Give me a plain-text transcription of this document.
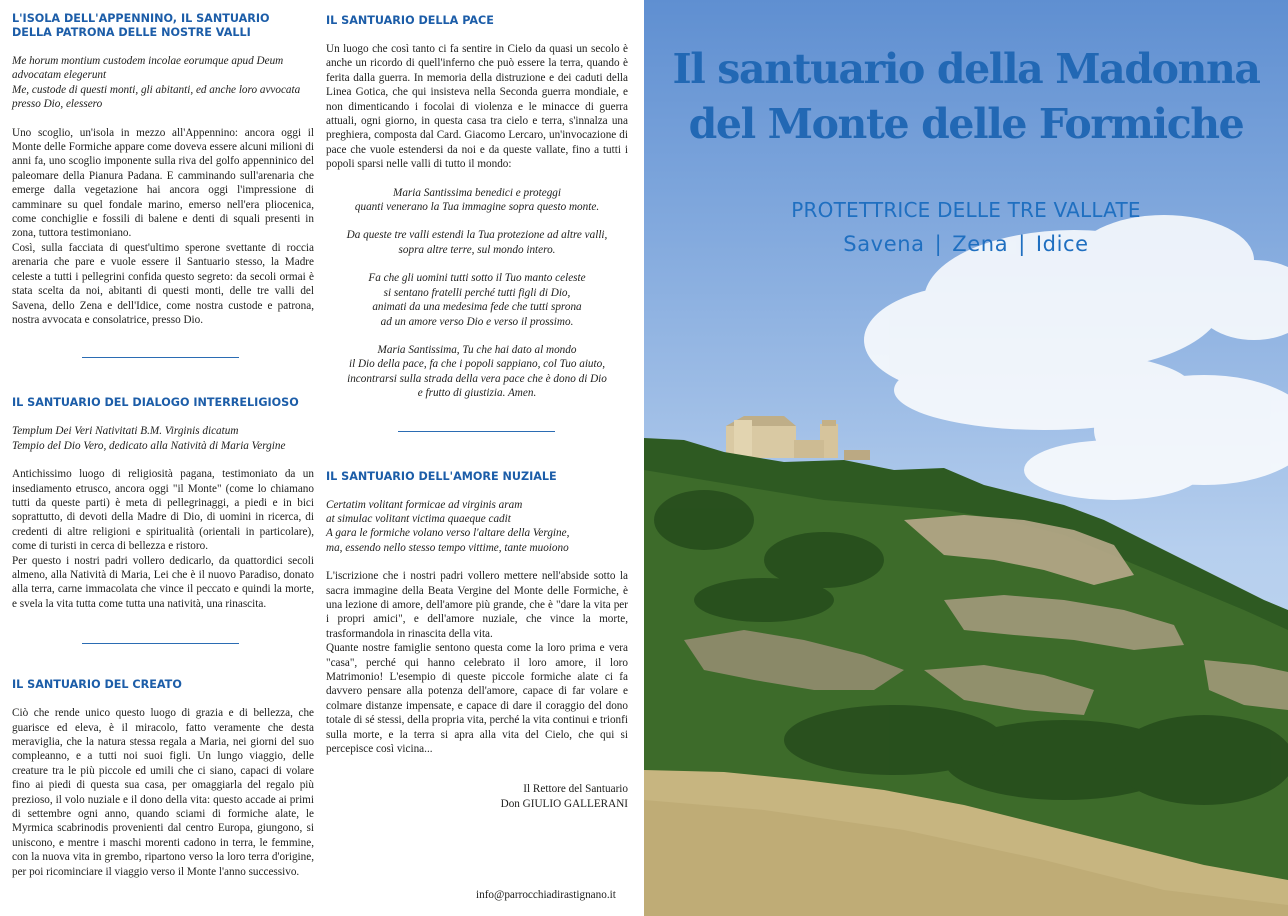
L'ISOLA DELL'APPENNINO, IL SANTUARIO
DELLA PATRONA DELLE NOSTRE VALLI

Me horum montium custodem incolae eorumque apud Deum
advocatam elegerunt
Me, custode di questi monti, gli abitanti, ed anche loro avvocata
presso Dio, elessero

Uno scoglio, un'isola in mezzo all'Appennino: ancora oggi il Monte delle Formiche appare come doveva essere alcuni milioni di anni fa, uno scoglio imponente sulla riva del golfo appenninico del paleomare della Pianura Padana. E camminando sull'arenaria che emerge dalla vegetazione hai ancora oggi l'impressione di camminare su quel fondale marino, emerso nell'era pliocenica, come conchiglie e fossili di balene e denti di squali presenti in zona, tuttora testimoniano.

Così, sulla facciata di quest'ultimo sperone svettante di roccia arenaria che pare e vuole essere il Santuario stesso, la Madre celeste a tutti i pellegrini confida questo segreto: da secoli ormai è stata scelta da noi, abitanti di questi monti, delle tre valli del Savena, dello Zena e dell'Idice, come nostra custode e patrona, nostra avvocata e consolatrice, presso Dio.

IL SANTUARIO DEL DIALOGO INTERRELIGIOSO

Templum Dei Veri Nativitati B.M. Virginis dicatum
Tempio del Dio Vero, dedicato alla Natività di Maria Vergine

Antichissimo luogo di religiosità pagana, testimoniato da un insediamento etrusco, ancora oggi "il Monte" (come lo chiamano tutti da queste parti) è meta di pellegrinaggi, a piedi e in bici soprattutto, di devoti della Madre di Dio, di uomini in ricerca, di credenti di altre religioni e spiritualità (orientali in particolare), come di turisti in cerca di bellezza e ristoro.

Per questo i nostri padri vollero dedicarlo, da quattordici secoli almeno, alla Natività di Maria, Lei che è il nuovo Paradiso, donato alla terra, carne immacolata che vince il peccato e quindi la morte, e svela la vita tutta come tutta una natività, una rinascita.

IL SANTUARIO DEL CREATO

Ciò che rende unico questo luogo di grazia e di bellezza, che guarisce ed eleva, è il miracolo, fatto veramente che desta meraviglia, che la natura stessa regala a Maria, nei giorni del suo compleanno, e a tutti noi suoi figli. Un lungo viaggio, delle creature tra le più piccole ed umili che ci siano, capaci di volare fino ai piedi di questa sua casa, per omaggiarla del regalo più prezioso, il volo nuziale e il dono della vita: questo accade ai primi di settembre ogni anno, quando sciami di formiche alate, le Myrmica scabrinodis provenienti dal centro Europa, giungono, si uniscono, e mentre i maschi morenti cadono in terra, le femmine, con la nuova vita in grembo, ripartono verso la loro terra d'origine, per poi ricominciare il viaggio verso il Monte l'anno successivo.

IL SANTUARIO DELLA PACE

Un luogo che così tanto ci fa sentire in Cielo da quasi un secolo è anche un ricordo di quell'inferno che può essere la terra, quando è ferita dalla guerra. In memoria della distruzione e dei caduti della Linea Gotica, che qui insisteva nella Seconda guerra mondiale, e non dimenticando i focolai di violenza e le minacce di guerra attuali, ogni giorno, in questa casa tra cielo e terra, s'innalza una preghiera, composta dal Card. Giacomo Lercaro, un'invocazione di pace che vuole estendersi da noi e da queste vallate, fino a tutti i popoli sparsi nelle valli di tutto il mondo:

Maria Santissima benedici e proteggi
quanti venerano la Tua immagine sopra questo monte.

Da queste tre valli estendi la Tua protezione ad altre valli,
sopra altre terre, sul mondo intero.

Fa che gli uomini tutti sotto il Tuo manto celeste
si sentano fratelli perché tutti figli di Dio,
animati da una medesima fede che tutti sprona
ad un amore verso Dio e verso il prossimo.

Maria Santissima, Tu che hai dato al mondo
il Dio della pace, fa che i popoli sappiano, col Tuo aiuto,
incontrarsi sulla strada della vera pace che è dono di Dio
e frutto di giustizia. Amen.

IL SANTUARIO DELL'AMORE NUZIALE

Certatim volitant formicae ad virginis aram
at simulac volitant victima quaeque cadit
A gara le formiche volano verso l'altare della Vergine,
ma, essendo nello stesso tempo vittime, tante muoiono

L'iscrizione che i nostri padri vollero mettere nell'abside sotto la sacra immagine della Beata Vergine del Monte delle Formiche, è una lezione di amore, dell'amore più grande, che è "dare la vita per i propri amici", e dell'amore nuziale, che vince la morte, trasformandola in rinascita della vita.

Quante nostre famiglie sentono questa come la loro prima e vera "casa", perché qui hanno celebrato il loro amore, il loro Matrimonio! L'esempio di queste piccole formiche alate ci fa davvero pensare alla potenza dell'amore, capace di far volare e colmare distanze impensate, e capace di dare il coraggio del dono totale di sé stessi, della propria vita, perché la vita continui e trionfi sulla morte, e la terra si apra alla vita del Cielo, che qui si percepisce così vicina...

Il Rettore del Santuario
Don GIULIO GALLERANI

info@parrocchiadirastignano.it
Il santuario della Madonna
del Monte delle Formiche
PROTETTRICE DELLE TRE VALLATE
Savena | Zena | Idice
